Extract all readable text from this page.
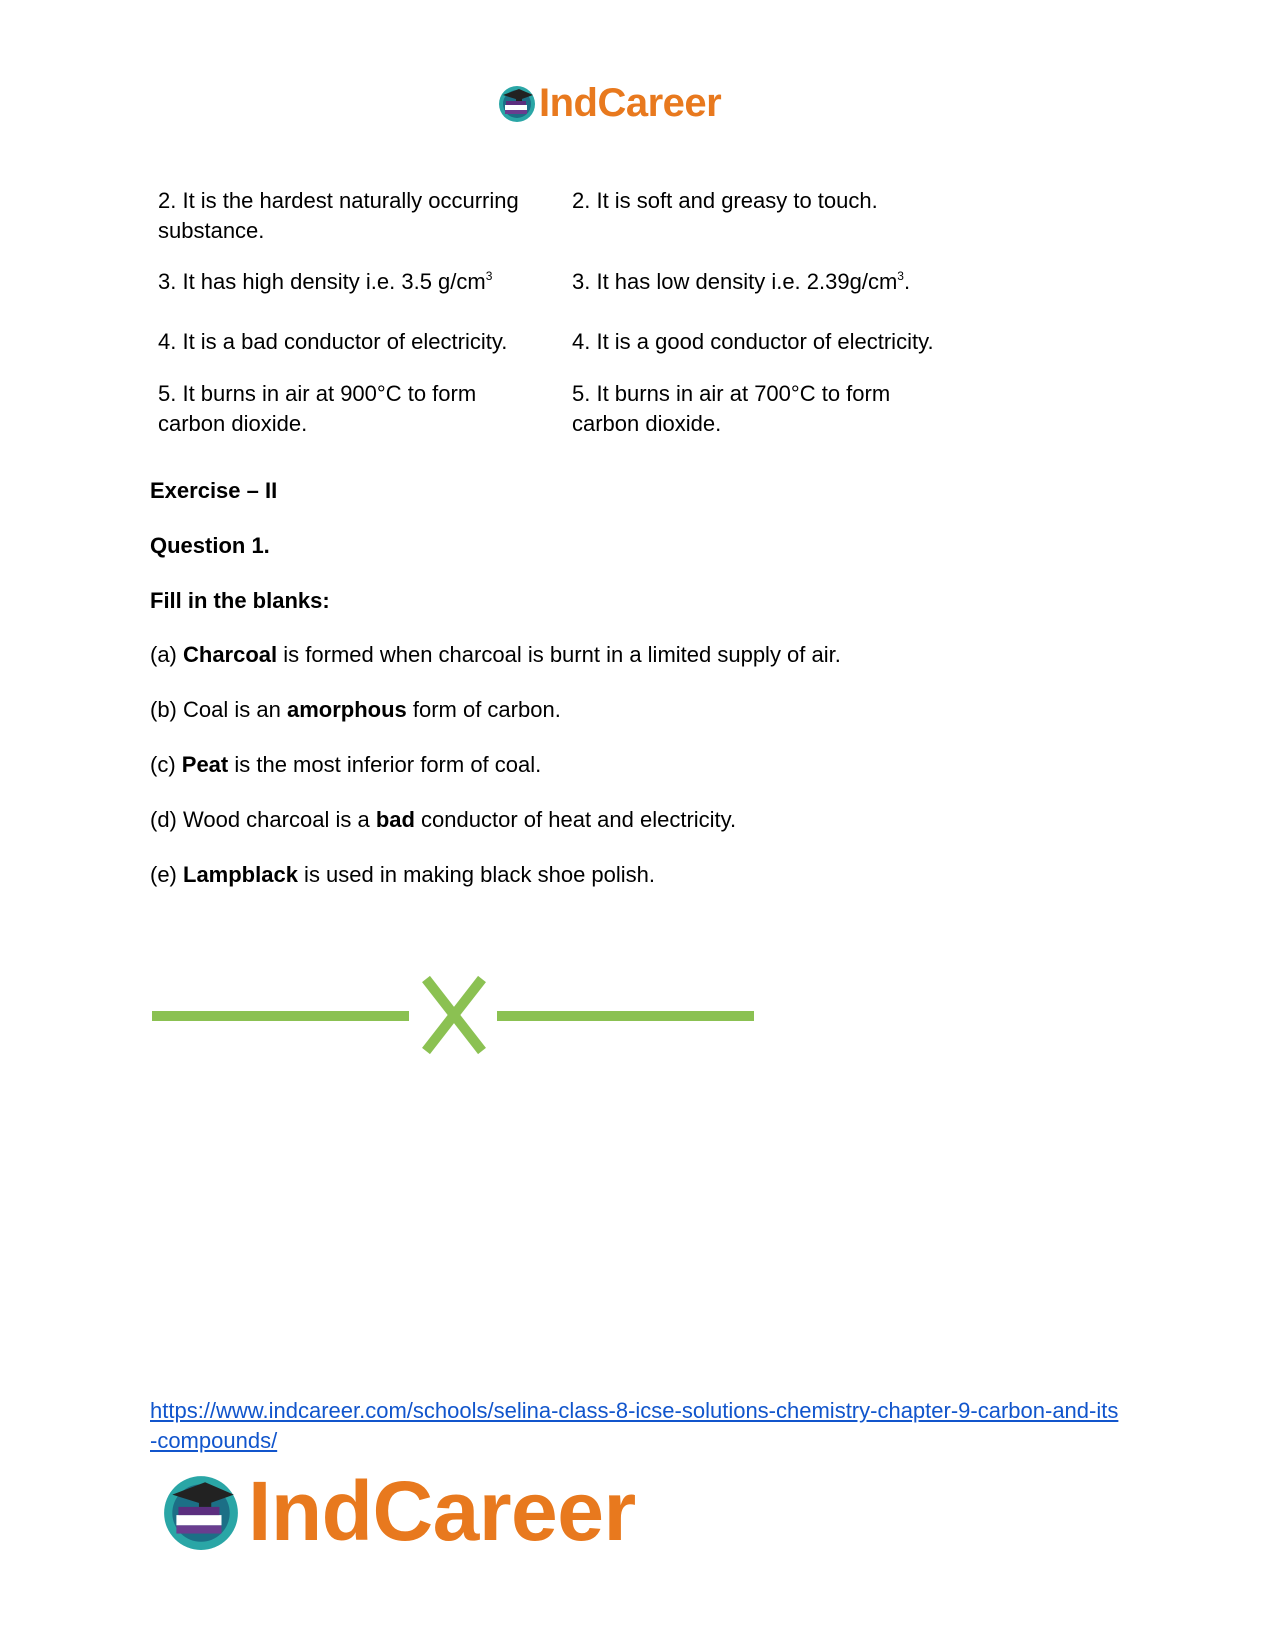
IndCareer
2. It is the hardest naturally occurring substance.
2. It is soft and greasy to touch.
3. It has high density i.e. 3.5 $g/cm^3$	3. It has low density i.e. $2.39g/cm^3$.
4. It is a bad conductor of electricity.	4. It is a good conductor of electricity.
5. It burns in air at 900°C to form carbon dioxide.
5. It burns in air at 700°C to form carbon dioxide.
Exercise – II
Question 1.
Fill in the blanks:
(a) Charcoal is formed when charcoal is burnt in a limited supply of air.
(b) Coal is an amorphous form of carbon.
(c) Peat is the most inferior form of coal.
(d) Wood charcoal is a bad conductor of heat and electricity.
(e) Lampblack is used in making black shoe polish.
https://www.indcareer.com/schools/selina-class-8-icse-solutions-chemistry-chapter-9-carbon-and-its-compounds/
IndCareer
